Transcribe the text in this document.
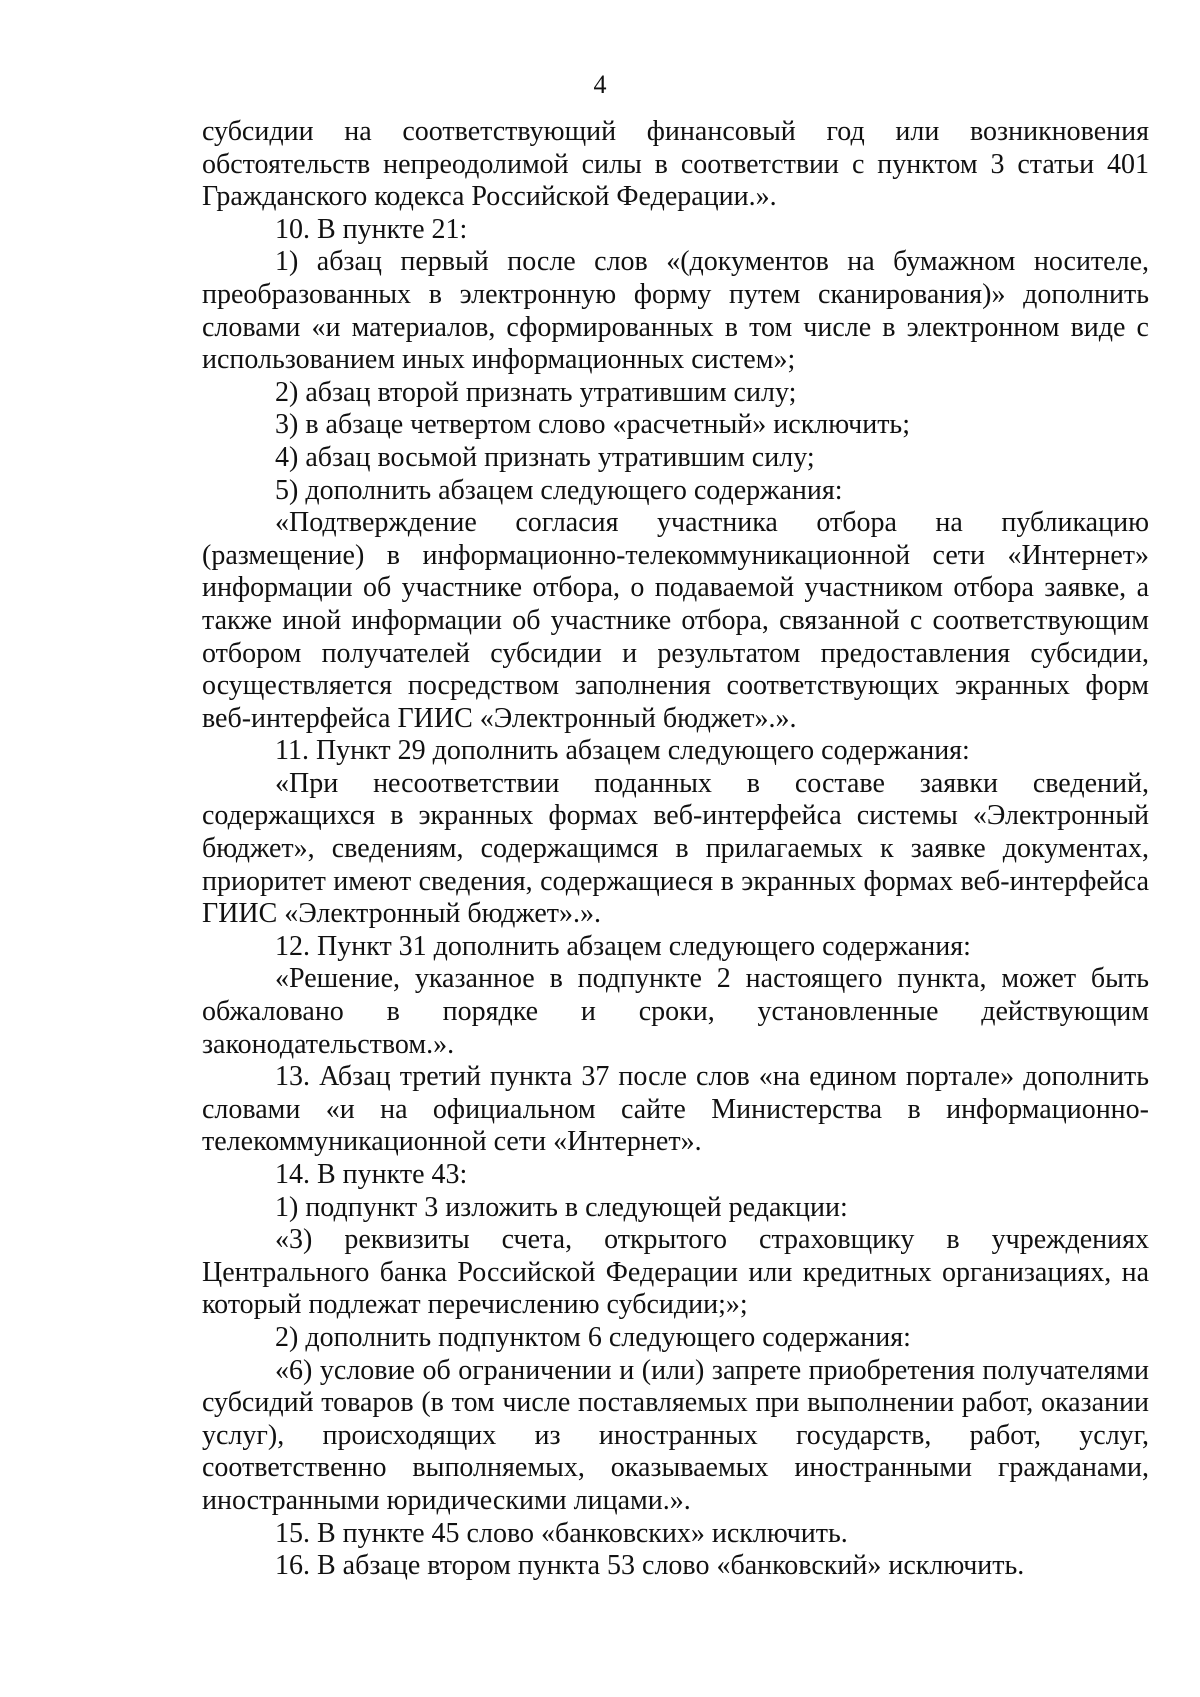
4

субсидии на соответствующий финансовый год или возникновения обстоятельств непреодолимой силы в соответствии с пунктом 3 статьи 401 Гражданского кодекса Российской Федерации.».

10. В пункте 21:

1) абзац первый после слов «(документов на бумажном носителе, преобразованных в электронную форму путем сканирования)» дополнить словами «и материалов, сформированных в том числе в электронном виде с использованием иных информационных систем»;

2) абзац второй признать утратившим силу;

3) в абзаце четвертом слово «расчетный» исключить;

4) абзац восьмой признать утратившим силу;

5) дополнить абзацем следующего содержания:

«Подтверждение согласия участника отбора на публикацию (размещение) в информационно-телекоммуникационной сети «Интернет» информации об участнике отбора, о подаваемой участником отбора заявке, а также иной информации об участнике отбора, связанной с соответствующим отбором получателей субсидии и результатом предоставления субсидии, осуществляется посредством заполнения соответствующих экранных форм веб-интерфейса ГИИС «Электронный бюджет».».

11. Пункт 29 дополнить абзацем следующего содержания:

«При несоответствии поданных в составе заявки сведений, содержащихся в экранных формах веб-интерфейса системы «Электронный бюджет», сведениям, содержащимся в прилагаемых к заявке документах, приоритет имеют сведения, содержащиеся в экранных формах веб-интерфейса ГИИС «Электронный бюджет».».

12. Пункт 31 дополнить абзацем следующего содержания:

«Решение, указанное в подпункте 2 настоящего пункта, может быть обжаловано в порядке и сроки, установленные действующим законодательством.».

13. Абзац третий пункта 37 после слов «на едином портале» дополнить словами «и на официальном сайте Министерства в информационно-телекоммуникационной сети «Интернет».

14. В пункте 43:

1) подпункт 3 изложить в следующей редакции:

«3) реквизиты счета, открытого страховщику в учреждениях Центрального банка Российской Федерации или кредитных организациях, на который подлежат перечислению субсидии;»;

2) дополнить подпунктом 6 следующего содержания:

«6) условие об ограничении и (или) запрете приобретения получателями субсидий товаров (в том числе поставляемых при выполнении работ, оказании услуг), происходящих из иностранных государств, работ, услуг, соответственно выполняемых, оказываемых иностранными гражданами, иностранными юридическими лицами.».

15. В пункте 45 слово «банковских» исключить.

16. В абзаце втором пункта 53 слово «банковский» исключить.
